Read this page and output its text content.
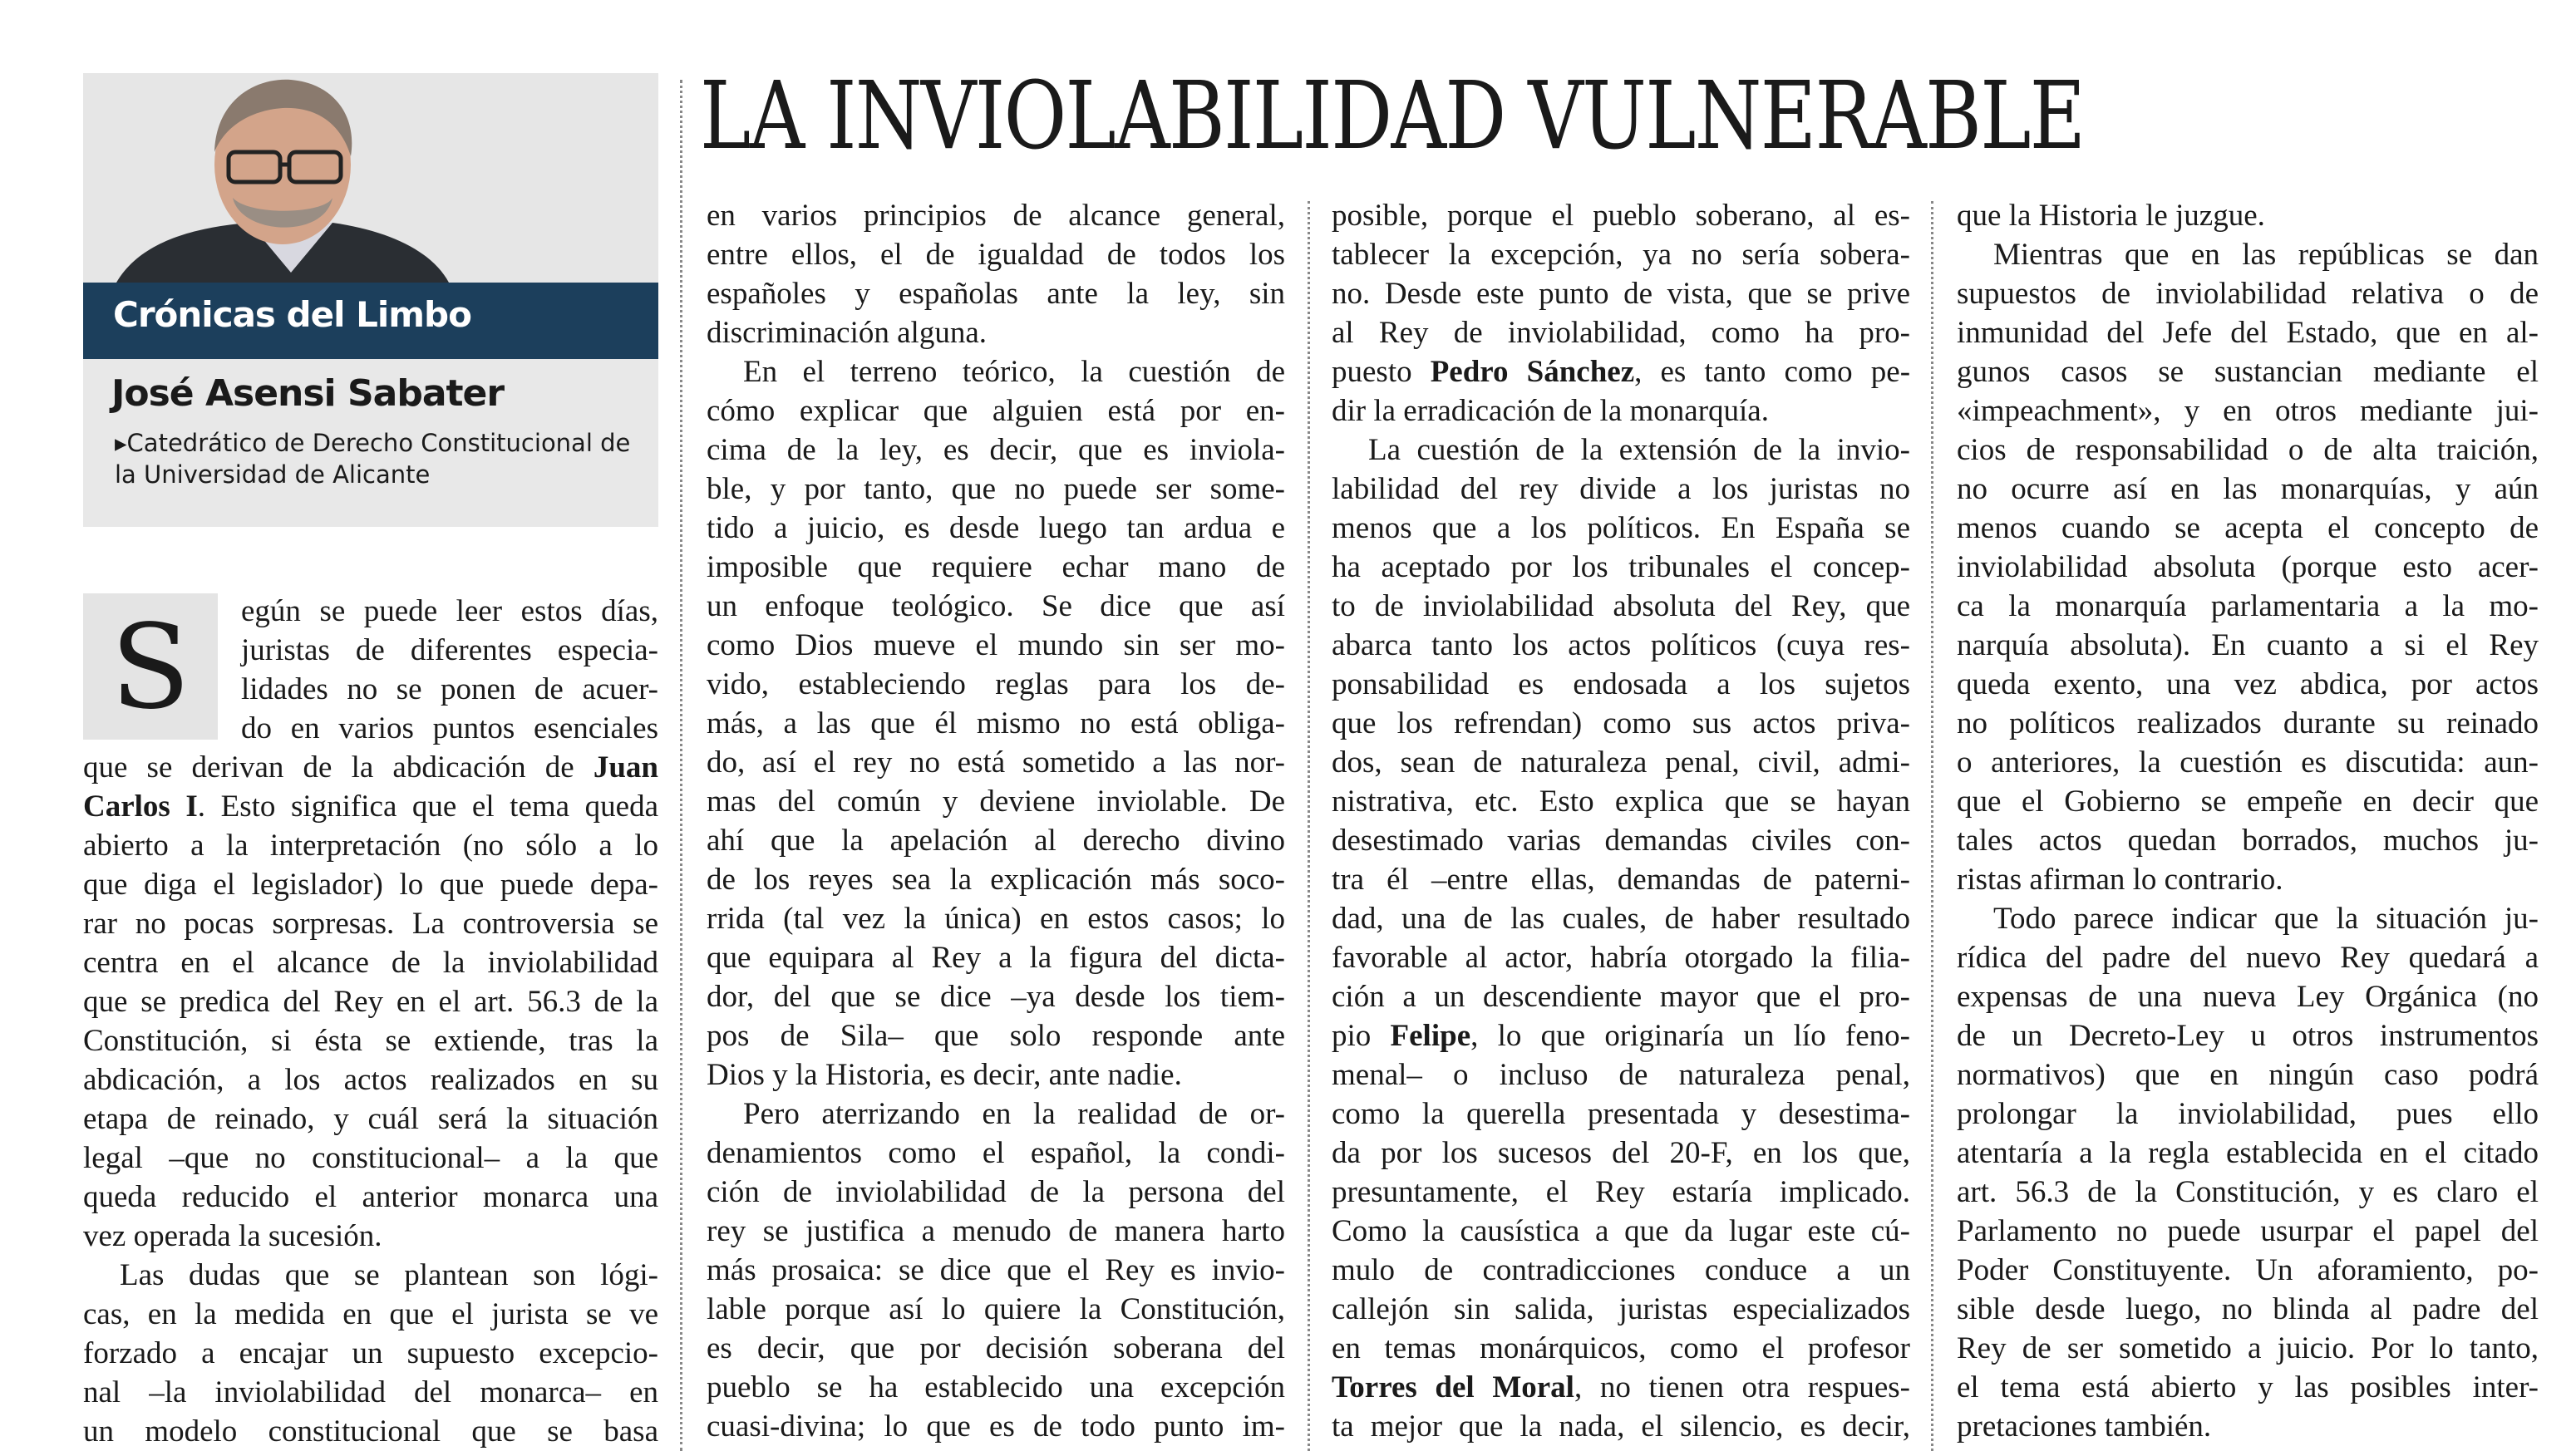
Crónicas del Limbo
José Asensi Sabater
▸Catedrático de Derecho Constitucional de
la Universidad de Alicante
LA INVIOLABILIDAD VULNERABLE
S	egún se puede leer estos días,
juristas de diferentes especia-
lidades no se ponen de acuer-
do en varios puntos esenciales
que se derivan de la abdicación de Juan
Carlos I. Esto significa que el tema queda
abierto a la interpretación (no sólo a lo
que diga el legislador) lo que puede depa-
rar no pocas sorpresas. La controversia se
centra en el alcance de la inviolabilidad
que se predica del Rey en el art. 56.3 de la
Constitución, si ésta se extiende, tras la
abdicación, a los actos realizados en su
etapa de reinado, y cuál será la situación
legal –que no constitucional– a la que
queda reducido el anterior monarca una
vez operada la sucesión.
Las dudas que se plantean son lógi-
cas, en la medida en que el jurista se ve
forzado a encajar un supuesto excepcio-
nal –la inviolabilidad del monarca– en
un modelo constitucional que se basa
en varios principios de alcance general,
entre ellos, el de igualdad de todos los
españoles y españolas ante la ley, sin
discriminación alguna.
En el terreno teórico, la cuestión de
cómo explicar que alguien está por en-
cima de la ley, es decir, que es inviola-
ble, y por tanto, que no puede ser some-
tido a juicio, es desde luego tan ardua e
imposible que requiere echar mano de
un enfoque teológico. Se dice que así
como Dios mueve el mundo sin ser mo-
vido, estableciendo reglas para los de-
más, a las que él mismo no está obliga-
do, así el rey no está sometido a las nor-
mas del común y deviene inviolable. De
ahí que la apelación al derecho divino
de los reyes sea la explicación más soco-
rrida (tal vez la única) en estos casos; lo
que equipara al Rey a la figura del dicta-
dor, del que se dice –ya desde los tiem-
pos de Sila– que solo responde ante
Dios y la Historia, es decir, ante nadie.
Pero aterrizando en la realidad de or-
denamientos como el español, la condi-
ción de inviolabilidad de la persona del
rey se justifica a menudo de manera harto
más prosaica: se dice que el Rey es invio-
lable porque así lo quiere la Constitución,
es decir, que por decisión soberana del
pueblo se ha establecido una excepción
cuasi-divina; lo que es de todo punto im-
posible, porque el pueblo soberano, al es-
tablecer la excepción, ya no sería sobera-
no. Desde este punto de vista, que se prive
al Rey de inviolabilidad, como ha pro-
puesto Pedro Sánchez, es tanto como pe-
dir la erradicación de la monarquía.
La cuestión de la extensión de la invio-
labilidad del rey divide a los juristas no
menos que a los políticos. En España se
ha aceptado por los tribunales el concep-
to de inviolabilidad absoluta del Rey, que
abarca tanto los actos políticos (cuya res-
ponsabilidad es endosada a los sujetos
que los refrendan) como sus actos priva-
dos, sean de naturaleza penal, civil, admi-
nistrativa, etc. Esto explica que se hayan
desestimado varias demandas civiles con-
tra él –entre ellas, demandas de paterni-
dad, una de las cuales, de haber resultado
favorable al actor, habría otorgado la filia-
ción a un descendiente mayor que el pro-
pio Felipe, lo que originaría un lío feno-
menal– o incluso de naturaleza penal,
como la querella presentada y desestima-
da por los sucesos del 20-F, en los que,
presuntamente, el Rey estaría implicado.
Como la causística a que da lugar este cú-
mulo de contradicciones conduce a un
callejón sin salida, juristas especializados
en temas monárquicos, como el profesor
Torres del Moral, no tienen otra respues-
ta mejor que la nada, el silencio, es decir,
que la Historia le juzgue.
Mientras que en las repúblicas se dan
supuestos de inviolabilidad relativa o de
inmunidad del Jefe del Estado, que en al-
gunos casos se sustancian mediante el
«impeachment», y en otros mediante jui-
cios de responsabilidad o de alta traición,
no ocurre así en las monarquías, y aún
menos cuando se acepta el concepto de
inviolabilidad absoluta (porque esto acer-
ca la monarquía parlamentaria a la mo-
narquía absoluta). En cuanto a si el Rey
queda exento, una vez abdica, por actos
no políticos realizados durante su reinado
o anteriores, la cuestión es discutida: aun-
que el Gobierno se empeñe en decir que
tales actos quedan borrados, muchos ju-
ristas afirman lo contrario.
Todo parece indicar que la situación ju-
rídica del padre del nuevo Rey quedará a
expensas de una nueva Ley Orgánica (no
de un Decreto-Ley u otros instrumentos
normativos) que en ningún caso podrá
prolongar la inviolabilidad, pues ello
atentaría a la regla establecida en el citado
art. 56.3 de la Constitución, y es claro el
Parlamento no puede usurpar el papel del
Poder Constituyente. Un aforamiento, po-
sible desde luego, no blinda al padre del
Rey de ser sometido a juicio. Por lo tanto,
el tema está abierto y las posibles inter-
pretaciones también.
